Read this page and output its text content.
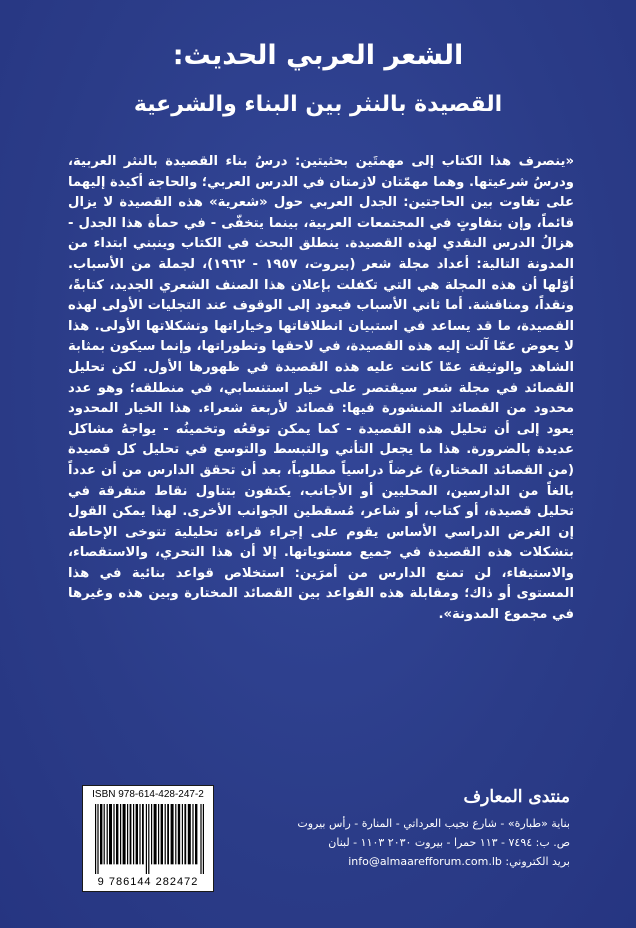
الشعر العربي الحديث:
القصيدة بالنثر بين البناء والشرعية
«ينصرف هذا الكتاب إلى مهمتَين بحثيتين: درسُ بناء القصيدة بالنثر العربية، ودرسُ شرعيتها. وهما مهمّتان لازمتان في الدرس العربي؛ والحاجة أكيدة إليهما على تفاوت بين الحاجتين: الجدل العربي حول «شعرية» هذه القصيدة لا يزال قائماً، وإن بتفاوتٍ في المجتمعات العربية، بينما يتخفّى - في حمأة هذا الجدل - هزالُ الدرس النقدي لهذه القصيدة. ينطلق البحث في الكتاب وينبني ابتداء من المدونة التالية: أعداد مجلة شعر (بيروت، ١٩٥٧ - ١٩٦٢)، لجملة من الأسباب. أوّلها أن هذه المجلة هي التي تكفلت بإعلان هذا الصنف الشعري الجديد، كتابةً، ونقداً، ومناقشة. أما ثاني الأسباب فيعود إلى الوقوف عند التجليات الأولى لهذه القصيدة، ما قد يساعد في استبيان انطلاقاتها وخياراتها وتشكلاتها الأولى. هذا لا يعوض عمّا آلت إليه هذه القصيدة، في لاحقها وتطوراتها، وإنما سيكون بمثابة الشاهد والوثيقة عمّا كانت عليه هذه القصيدة في ظهورها الأول. لكن تحليل القصائد في مجلة شعر سيقتصر على خيار استنسابي، في منطلقه؛ وهو عدد محدود من القصائد المنشورة فيها: قصائد لأربعة شعراء. هذا الخيار المحدود يعود إلى أن تحليل هذه القصيدة - كما يمكن توقعُه وتخمينُه - يواجهُ مشاكل عديدة بالضرورة. هذا ما يجعل التأني والتبسط والتوسع في تحليل كل قصيدة (من القصائد المختارة) غرضاً دراسياً مطلوباً، بعد أن تحقق الدارس من أن عدداً بالغاً من الدارسين، المحليين أو الأجانب، يكتفون بتناول نقاط متفرقة في تحليل قصيدة، أو كتاب، أو شاعر، مُسقطين الجوانب الأخرى. لهذا يمكن القول إن الغرض الدراسي الأساس يقوم على إجراء قراءة تحليلية تتوخى الإحاطة بتشكلات هذه القصيدة في جميع مستوياتها. إلا أن هذا التحري، والاستقصاء، والاستيفاء، لن تمنع الدارس من أمرَين: استخلاص قواعد بنائية في هذا المستوى أو ذاك؛ ومقابلة هذه القواعد بين القصائد المختارة وبين هذه وغيرها في مجموع المدونة».
ISBN 978-614-428-247-2
9 786144 282472
منتدى المعارف
بناية «طبارة» - شارع نجيب العرداتي - المنارة - رأس بيروت
ص. ب: ٧٤٩٤ - ١١٣ حمرا - بيروت ٢٠٣٠ ١١٠٣ - لبنان
بريد الكتروني: info@almaarefforum.com.lb
